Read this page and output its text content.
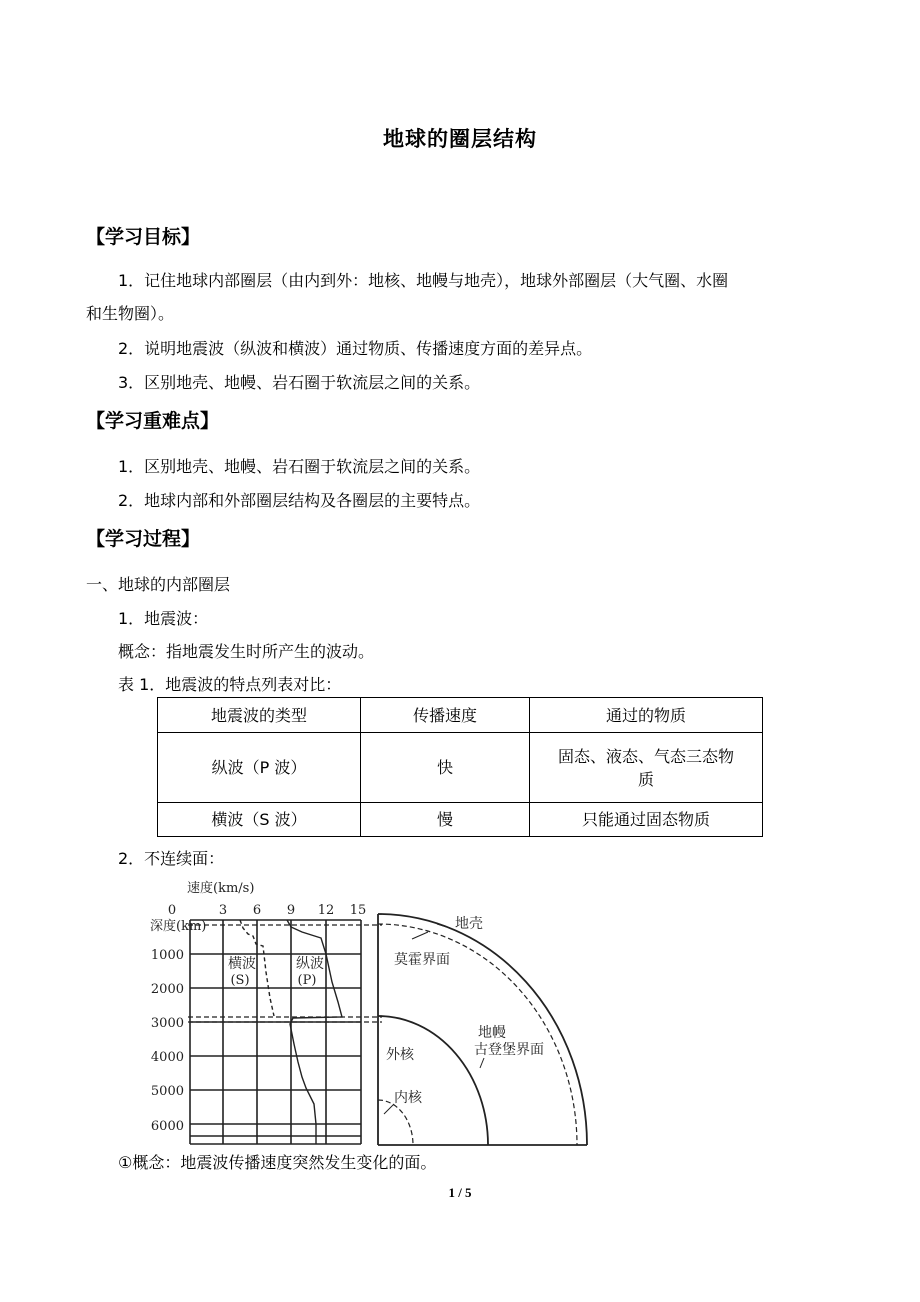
地球的圈层结构
【学习目标】
1．记住地球内部圈层（由内到外：地核、地幔与地壳），地球外部圈层（大气圈、水圈
和生物圈）。
2．说明地震波（纵波和横波）通过物质、传播速度方面的差异点。
3．区别地壳、地幔、岩石圈于软流层之间的关系。
【学习重难点】
1．区别地壳、地幔、岩石圈于软流层之间的关系。
2．地球内部和外部圈层结构及各圈层的主要特点。
【学习过程】
一、地球的内部圈层
1．地震波：
概念：指地震发生时所产生的波动。
表 1．地震波的特点列表对比：
地震波的类型	传播速度	通过的物质
纵波（P 波）	快	固态、液态、气态三态物
质

横波（S 波）	慢	只能通过固态物质
2．不连续面：
速度(km/s)
0	3 6 9 12 15
深度(km)
1000
2000
3000
4000
5000
6000
横波
(S)
纵波
(P)
地壳
莫霍界面
地幔
古登堡界面
外核
内核
①概念：地震波传播速度突然发生变化的面。
1 / 5
